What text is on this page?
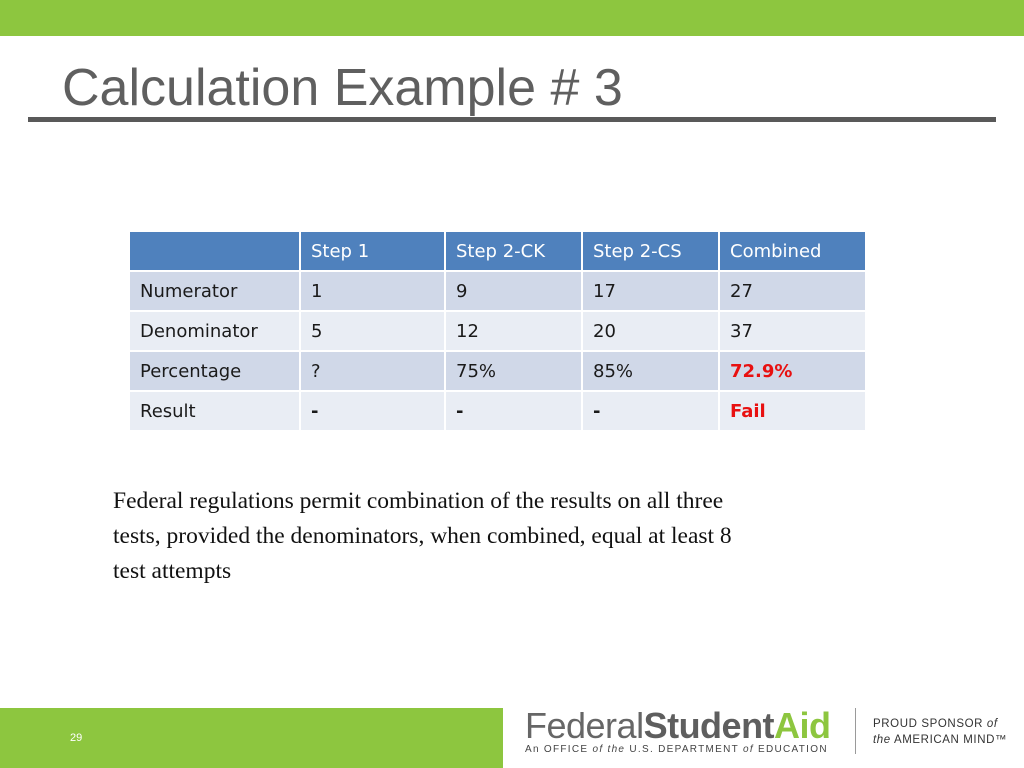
Calculation Example # 3
	Step 1	Step 2-CK	Step 2-CS	Combined
Numerator	1	9	17	27
Denominator	5	12	20	37
Percentage	?	75%	85%	72.9%
Result	-	-	-	Fail

Federal regulations permit combination of the results on all three tests, provided the denominators, when combined, equal at least 8 test attempts

29	FederalStudentAid
An OFFICE of the U.S. DEPARTMENT of EDUCATION
PROUD SPONSOR of
the AMERICAN MIND™
